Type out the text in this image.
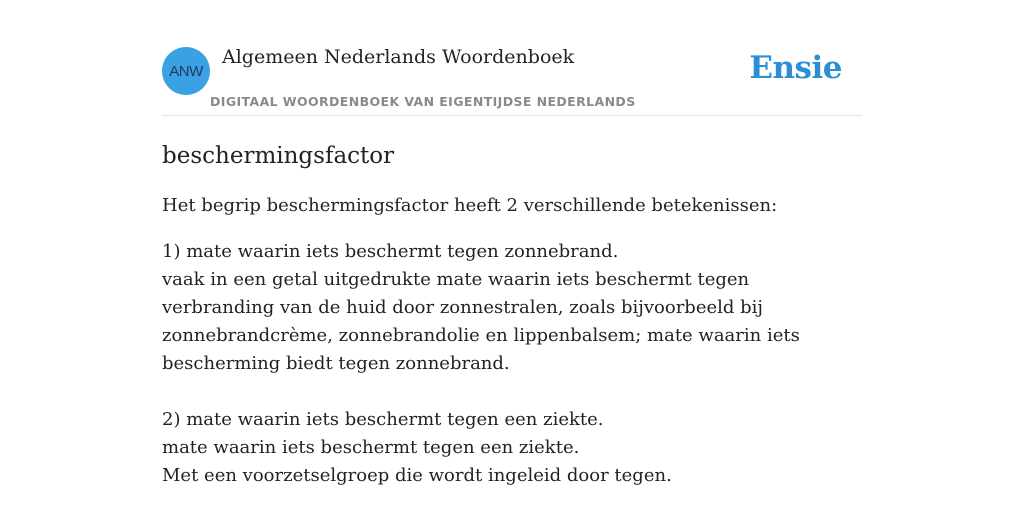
ANW
Algemeen Nederlands Woordenboek
DIGITAAL WOORDENBOEK VAN EIGENTIJDSE NEDERLANDS
Ensie
beschermingsfactor

Het begrip beschermingsfactor heeft 2 verschillende betekenissen:

1) mate waarin iets beschermt tegen zonnebrand.
vaak in een getal uitgedrukte mate waarin iets beschermt tegen verbranding van de huid door zonnestralen, zoals bijvoorbeeld bij zonnebrandcrème, zonnebrandolie en lippenbalsem; mate waarin iets bescherming biedt tegen zonnebrand.
2) mate waarin iets beschermt tegen een ziekte.
mate waarin iets beschermt tegen een ziekte.
Met een voorzetselgroep die wordt ingeleid door tegen.
